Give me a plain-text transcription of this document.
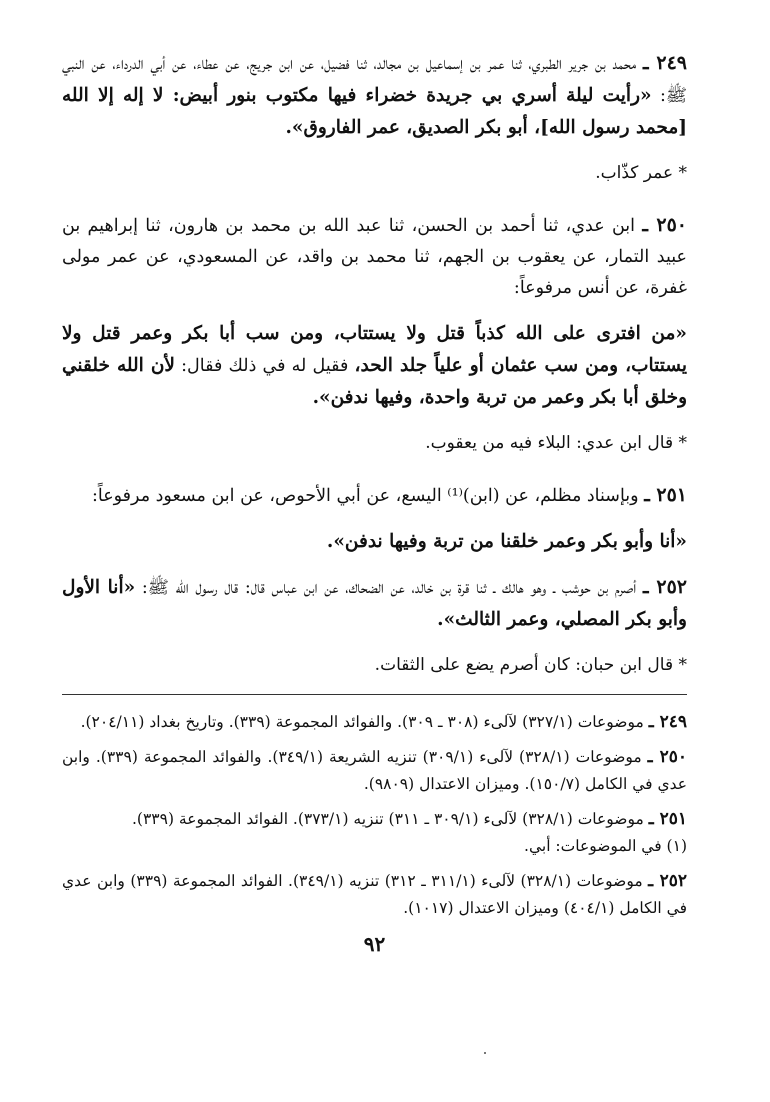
٢٤٩ ـ محمد بن جرير الطبري، ثنا عمر بن إسماعيل بن مجالد، ثنا فضيل، عن ابن جريج، عن عطاء، عن أبي الدرداء، عن النبي ﷺ: «رأيت ليلة أسري بي جريدة خضراء فيها مكتوب بنور أبيض: لا إله إلا الله [محمد رسول الله]، أبو بكر الصديق، عمر الفاروق».

* عمر كذّاب.

٢٥٠ ـ ابن عدي، ثنا أحمد بن الحسن، ثنا عبد الله بن محمد بن هارون، ثنا إبراهيم بن عبيد التمار، عن يعقوب بن الجهم، ثنا محمد بن واقد، عن المسعودي، عن عمر مولى غفرة، عن أنس مرفوعاً:

«من افترى على الله كذباً قتل ولا يستتاب، ومن سب أبا بكر وعمر قتل ولا يستتاب، ومن سب عثمان أو علياً جلد الحد، فقيل له في ذلك فقال: لأن الله خلقني وخلق أبا بكر وعمر من تربة واحدة، وفيها ندفن».

* قال ابن عدي: البلاء فيه من يعقوب.

٢٥١ ـ وبإسناد مظلم، عن (ابن)⁽¹⁾ اليسع، عن أبي الأحوص، عن ابن مسعود مرفوعاً:

«أنا وأبو بكر وعمر خلقنا من تربة وفيها ندفن».

٢٥٢ ـ أصرم بن حوشب ـ وهو هالك ـ ثنا قرة بن خالد، عن الضحاك، عن ابن عباس قال: قال رسول الله ﷺ: «أنا الأول وأبو بكر المصلي، وعمر الثالث».

* قال ابن حبان: كان أصرم يضع على الثقات.

٢٤٩ ـ موضوعات (٣٢٧/١) لآلىء (٣٠٨ ـ ٣٠٩). والفوائد المجموعة (٣٣٩). وتاريخ بغداد (٢٠٤/١١).

٢٥٠ ـ موضوعات (٣٢٨/١) لآلىء (٣٠٩/١) تنزيه الشريعة (٣٤٩/١). والفوائد المجموعة (٣٣٩). وابن عدي في الكامل (١٥٠/٧). وميزان الاعتدال (٩٨٠٩).

٢٥١ ـ موضوعات (٣٢٨/١) لآلىء (٣٠٩/١ ـ ٣١١) تنزيه (٣٧٣/١). الفوائد المجموعة (٣٣٩).

(١) في الموضوعات: أبي.

٢٥٢ ـ موضوعات (٣٢٨/١) لآلىء (٣١١/١ ـ ٣١٢) تنزيه (٣٤٩/١). الفوائد المجموعة (٣٣٩) وابن عدي في الكامل (٤٠٤/١) وميزان الاعتدال (١٠١٧).

٩٢
